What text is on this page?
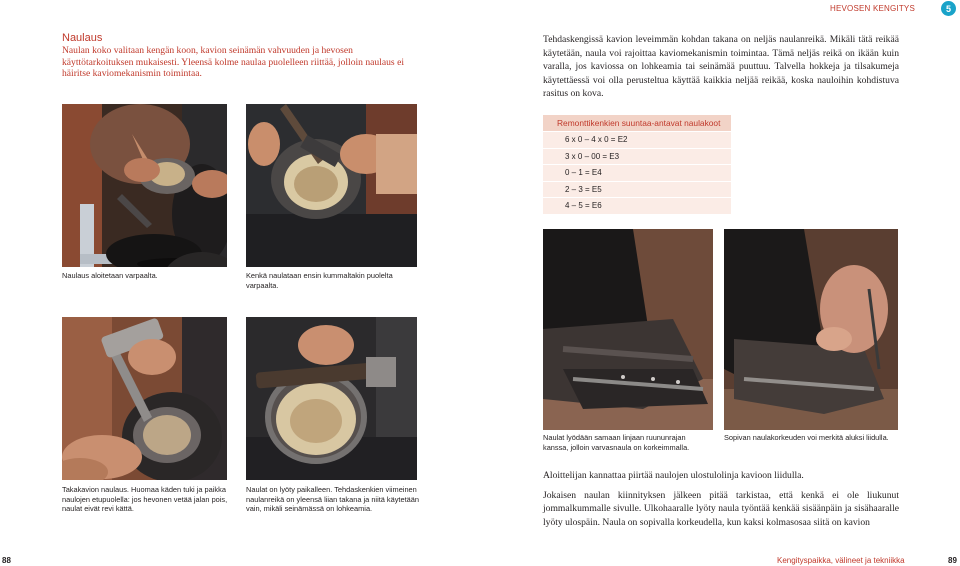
HEVOSEN KENGITYS	5
Naulaus
Naulan koko valitaan kengän koon, kavion seinämän vahvuuden ja hevosen käyttötarkoituksen mukaisesti. Yleensä kolme naulaa puolelleen riittää, jolloin naulaus ei häiritse kaviomekanismin toimintaa.
Tehdaskengissä kavion leveimmän kohdan takana on neljäs naulanreikä. Mikäli tätä reikää käytetään, naula voi rajoittaa kaviomekanismin toimintaa. Tämä neljäs reikä on ikään kuin varalla, jos kaviossa on lohkeamia tai seinämää puuttuu. Talvella hokkeja ja tilsakumeja käytettäessä voi olla perusteltua käyttää kaikkia neljää reikää, koska nauloihin kohdistuva rasitus on kova.
Naulaus aloitetaan varpaalta.	Kenkä naulataan ensin kummaltakin puolelta varpaalta.
Takakavion naulaus. Huomaa käden tuki ja paikka naulojen etupuolella: jos hevonen vetää jalan pois, naulat eivät revi kättä.
Naulat on lyöty paikalleen. Tehdaskenkien viimeinen naulanreikä on yleensä liian takana ja niitä käytetään vain, mikäli seinämässä on lohkeamia.
Remonttikenkien suuntaa-antavat naulakoot
6 x 0 – 4 x 0 = E2
3 x 0 – 00 = E3
0 – 1 = E4
2 – 3 = E5
4 – 5 = E6
Naulat lyödään samaan linjaan ruununrajan kanssa, jolloin varvasnaula on korkeimmalla.
Sopivan naulakorkeuden voi merkitä aluksi liidulla.

Aloittelijan kannattaa piirtää naulojen ulostulolinja kavioon liidulla.

Jokaisen naulan kiinnityksen jälkeen pitää tarkistaa, että kenkä ei ole liukunut jommalkummalle sivulle. Ulkohaaralle lyöty naula työntää kenkää sisäänpäin ja sisähaaralle lyöty ulospäin. Naula on sopivalla korkeudella, kun kaksi kolmasosaa siitä on kavion

88	Kengityspaikka, välineet ja tekniikka	89
